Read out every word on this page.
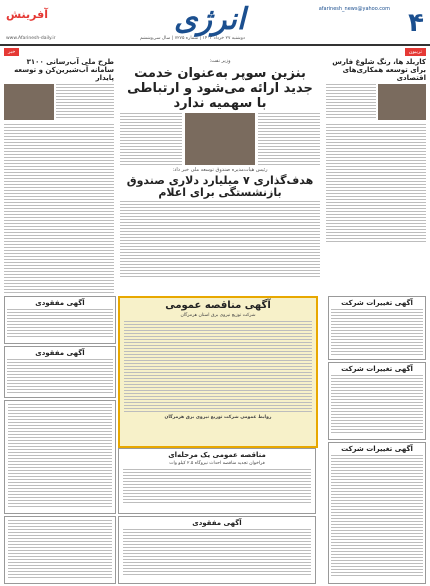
۴
afarinesh_news@yahoo.com
انرژی
آفرینش
دوشنبه ۲۷ خرداد ۱۴۰۳ | شماره ۷۲۷۵ | سال سی‌و‌ششم
www.Afarinesh-daily.ir
تریبون
خبر
کاربلد ها، رنگ شلوغ فارس برای توسعه همکاری‌های اقتصادی
وزیر نفت:
بنزین سوپر به‌عنوان خدمت جدید ارائه می‌شود و ارتباطی با سهمیه ندارد
رئیس هیات‌مدیره صندوق توسعه ملی خبر داد:
هدف‌گذاری ۷ میلیارد دلاری صندوق بازنشستگی برای اعلام
طرح ملی آب‌رسانی ۳۱۰۰ سامانه آب‌شیرین‌کن و توسعه پایدار
آگهی مناقصه عمومی
شرکت توزیع نیروی برق استان هرمزگان
روابط عمومی شرکت توزیع نیروی برق هرمزگان
مناقصه عمومی یک‌ مرحله‌ای
فراخوان تجدید مناقصه احداث نیروگاه ۲.۵ کیلو وات
آگهی مفقودی
آگهی مفقودی
آگهی تغییرات شرکت
آگهی تغییرات شرکت
آگهی تغییرات شرکت
آگهی مفقودی
